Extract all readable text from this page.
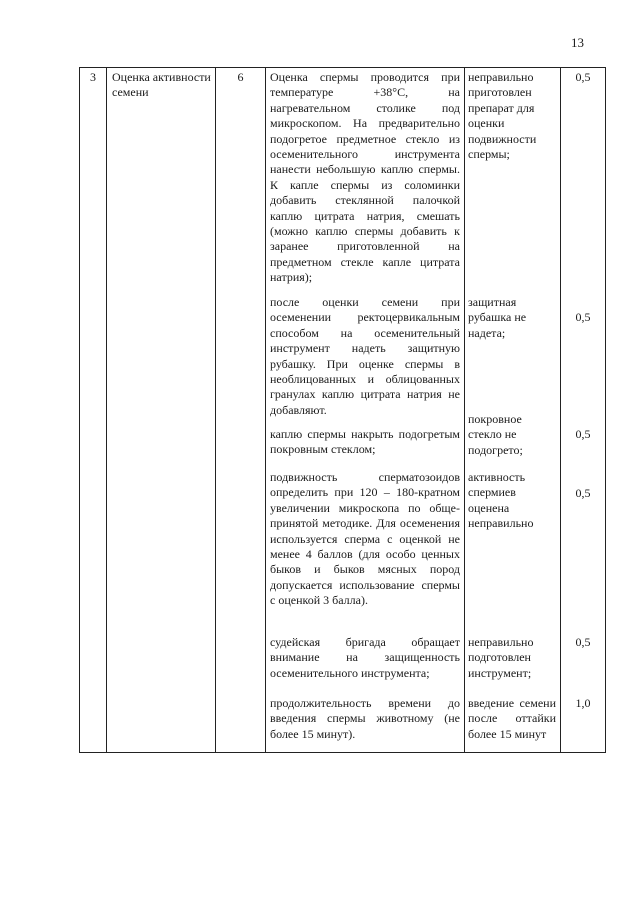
13
3	Оценка активности семени
6	Оценка спермы проводится при температуре +38°С, на нагревательном столике под микроскопом. На предварительно подогретое предметное стекло из осеменительного инструмента нанести небольшую каплю спермы. К капле спермы из соломинки добавить стеклянной палочкой каплю цитрата натрия, смешать (можно каплю спермы добавить к заранее приготовленной на предметном стекле капле цитрата натрия);
неправильно приготовлен препарат для оценки подвижности спермы;
0,5
после оценки семени при осеменении ректоцервикальным способом на осеменительный инструмент надеть защитную рубашку. При оценке спермы в необлицованных и облицованных гранулах каплю цитрата натрия не добавляют.
защитная рубашка не надета;
0,5
каплю спермы накрыть подогретым покровным стеклом;
покровное стекло не подогрето;
0,5
подвижность сперматозоидов определить при 120 – 180-кратном увеличении микроскопа по обще-принятой методике. Для осеменения используется сперма с оценкой не менее 4 баллов (для особо ценных быков и быков мясных пород допускается использование спермы с оценкой 3 балла).
активность спермиев оценена неправильно
0,5
судейская бригада обращает внимание на защищенность осеменительного инструмента;
неправильно подготовлен инструмент;
0,5
продолжительность времени до введения спермы животному (не более 15 минут).
введение семени после оттайки более 15 минут
1,0
